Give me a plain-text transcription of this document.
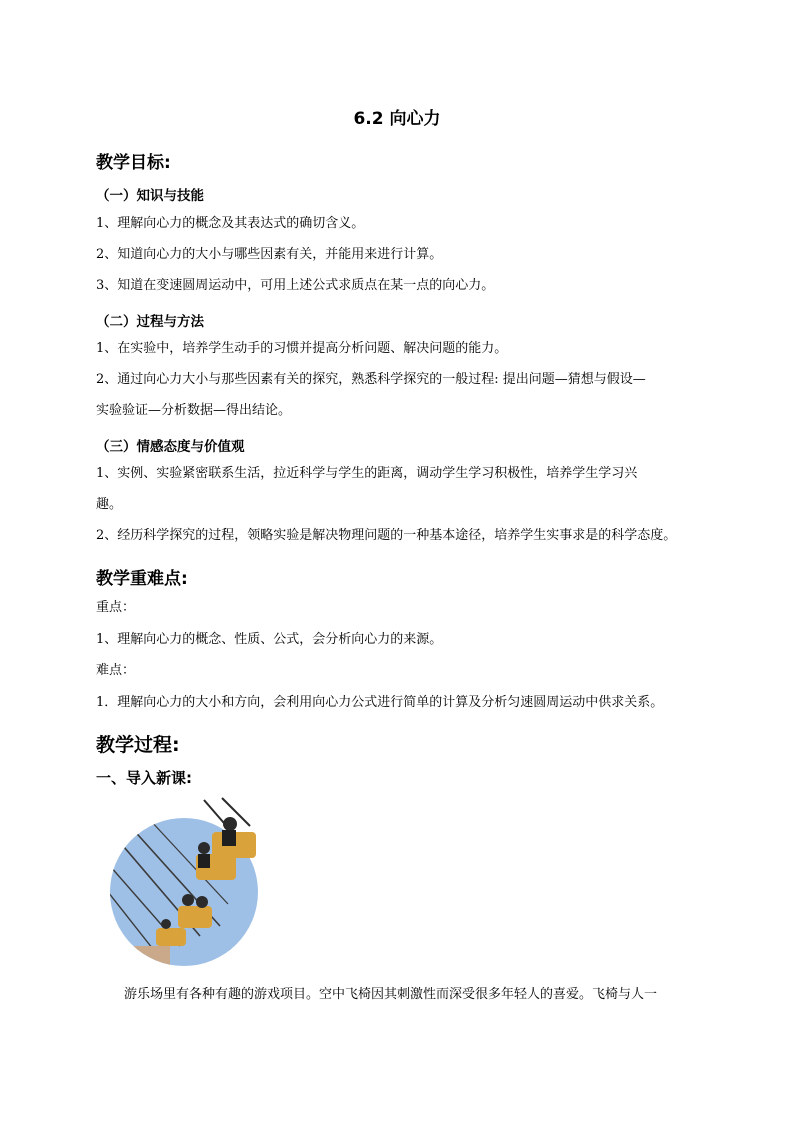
6.2 向心力
教学目标:
（一）知识与技能
1、理解向心力的概念及其表达式的确切含义。
2、知道向心力的大小与哪些因素有关，并能用来进行计算。
3、知道在变速圆周运动中，可用上述公式求质点在某一点的向心力。
（二）过程与方法
1、在实验中，培养学生动手的习惯并提高分析问题、解决问题的能力。
2、通过向心力大小与那些因素有关的探究，熟悉科学探究的一般过程: 提出问题—猜想与假设—
实验验证—分析数据—得出结论。
（三）情感态度与价值观
1、实例、实验紧密联系生活，拉近科学与学生的距离，调动学生学习积极性，培养学生学习兴
趣。
2、经历科学探究的过程，领略实验是解决物理问题的一种基本途径，培养学生实事求是的科学态度。
教学重难点:
重点：
1、理解向心力的概念、性质、公式，会分析向心力的来源。
难点：
1．理解向心力的大小和方向，会利用向心力公式进行简单的计算及分析匀速圆周运动中供求关系。
教学过程:
一、导入新课:
游乐场里有各种有趣的游戏项目。空中飞椅因其刺激性而深受很多年轻人的喜爱。飞椅与人一
